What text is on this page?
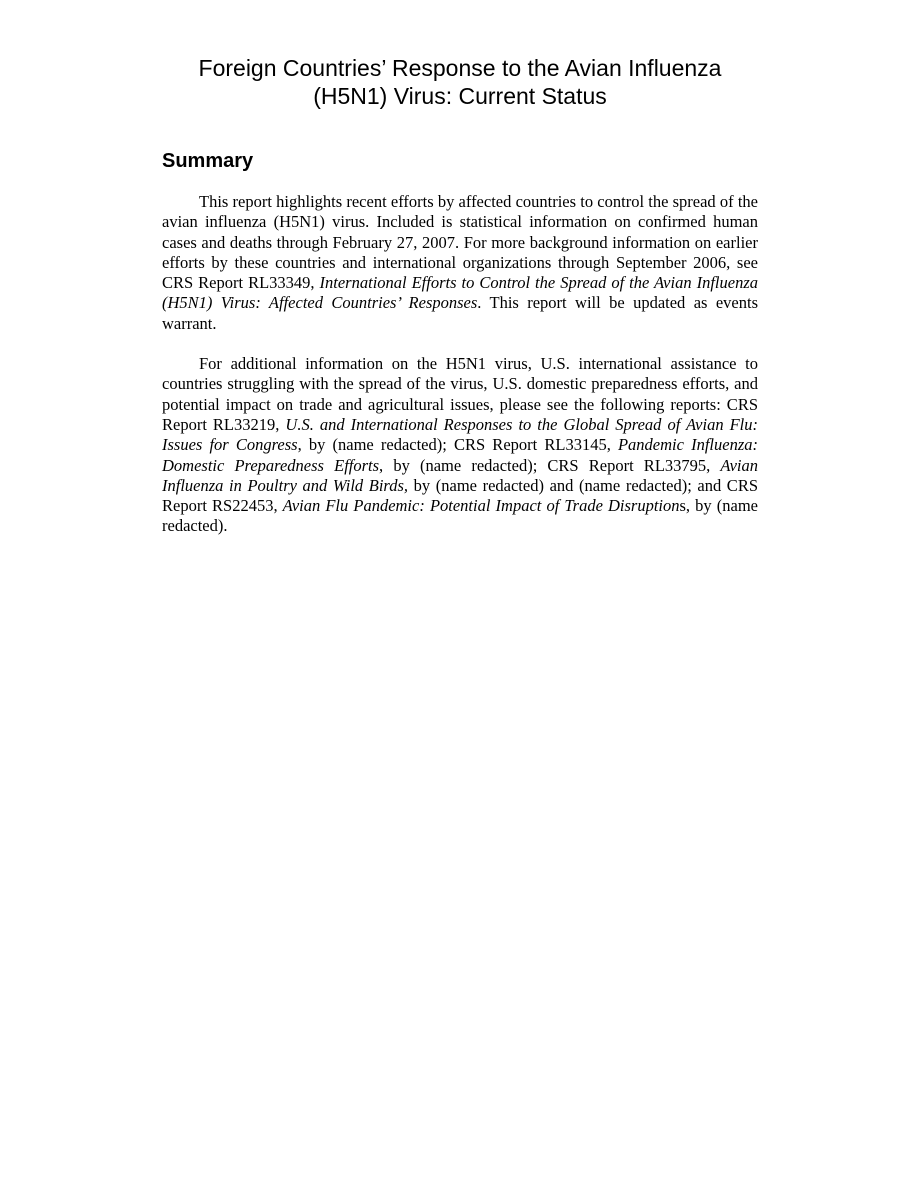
Foreign Countries’ Response to the Avian Influenza
(H5N1) Virus: Current Status
Summary

This report highlights recent efforts by affected countries to control the spread of the avian influenza (H5N1) virus. Included is statistical information on confirmed human cases and deaths through February 27, 2007. For more background information on earlier efforts by these countries and international organizations through September 2006, see CRS Report RL33349, International Efforts to Control the Spread of the Avian Influenza (H5N1) Virus: Affected Countries’ Responses. This report will be updated as events warrant.

For additional information on the H5N1 virus, U.S. international assistance to countries struggling with the spread of the virus, U.S. domestic preparedness efforts, and potential impact on trade and agricultural issues, please see the following reports: CRS Report RL33219, U.S. and International Responses to the Global Spread of Avian Flu: Issues for Congress, by (name redacted); CRS Report RL33145, Pandemic Influenza: Domestic Preparedness Efforts, by (name redacted); CRS Report RL33795, Avian Influenza in Poultry and Wild Birds, by (name redacted) and (name redacted); and CRS Report RS22453, Avian Flu Pandemic: Potential Impact of Trade Disruptions, by (name redacted).
